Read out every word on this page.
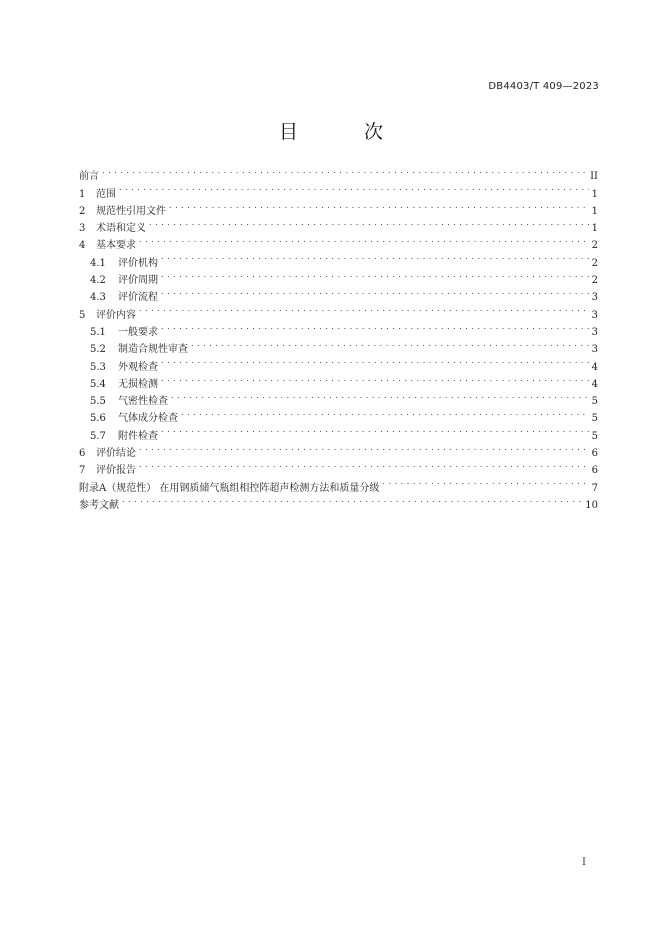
DB4403/T 409—2023
目 次
前言 . . .	II
1	范围 . . .	1
2	规范性引用文件 . . .	1
3	术语和定义 . . .	1
4	基本要求 . . .	2
4.1	评价机构 . . .	2
4.2	评价周期 . . .	2
4.3	评价流程 . . .	3
5	评价内容 . . .	3
5.1	一般要求 . . .	3
5.2	制造合规性审查 . . .	3
5.3	外观检查 . . .	4
5.4	无损检测 . . .	4
5.5	气密性检查 . . .	5
5.6	气体成分检查 . . .	5
5.7	附件检查 . . .	5
6	评价结论 . . .	6
7	评价报告 . . .	6
附录A（规范性） 在用钢质储气瓶组相控阵超声检测方法和质量分级 . . .	7
参考文献 . . .	10
I
